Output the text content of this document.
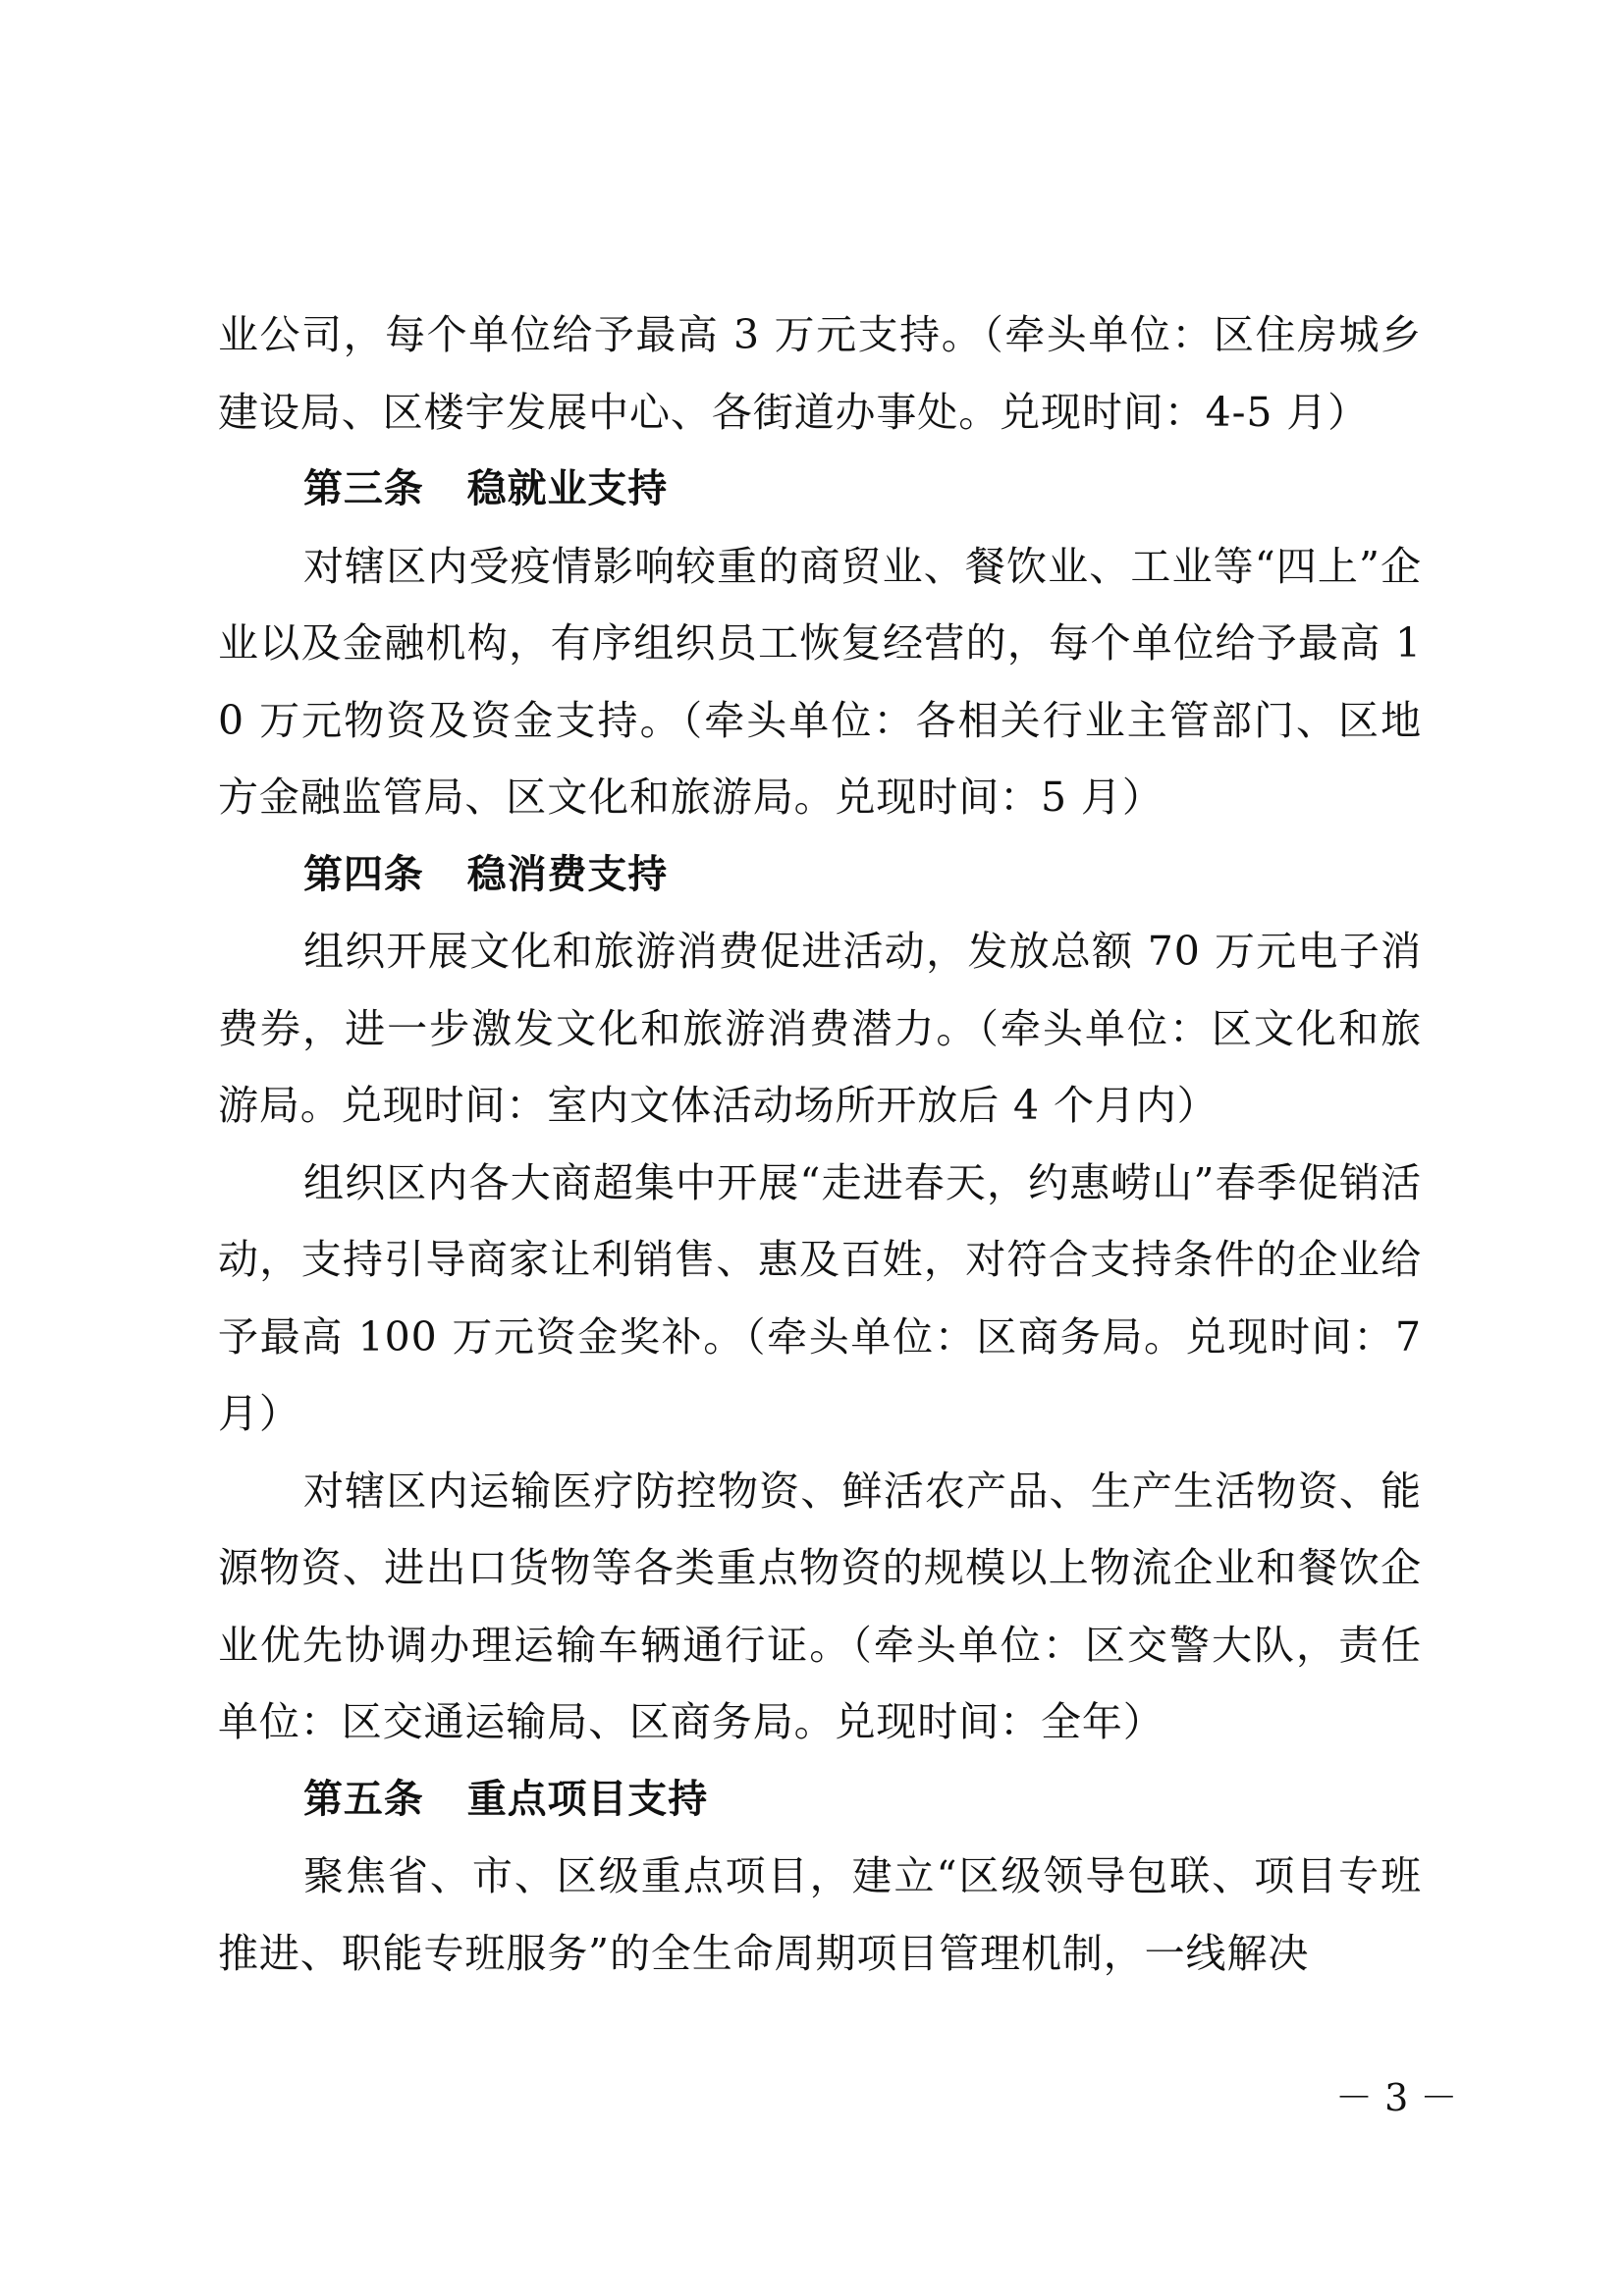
业公司，每个单位给予最高 3 万元支持。（牵头单位：区住房城乡建设局、区楼宇发展中心、各街道办事处。兑现时间：4-5 月）

第三条 稳就业支持

对辖区内受疫情影响较重的商贸业、餐饮业、工业等“四上”企业以及金融机构，有序组织员工恢复经营的，每个单位给予最高 10 万元物资及资金支持。（牵头单位：各相关行业主管部门、区地方金融监管局、区文化和旅游局。兑现时间：5 月）

第四条 稳消费支持

组织开展文化和旅游消费促进活动，发放总额 70 万元电子消费券，进一步激发文化和旅游消费潜力。（牵头单位：区文化和旅游局。兑现时间：室内文体活动场所开放后 4 个月内）

组织区内各大商超集中开展“走进春天，约惠崂山”春季促销活动，支持引导商家让利销售、惠及百姓，对符合支持条件的企业给予最高 100 万元资金奖补。（牵头单位：区商务局。兑现时间：7 月）

对辖区内运输医疗防控物资、鲜活农产品、生产生活物资、能源物资、进出口货物等各类重点物资的规模以上物流企业和餐饮企业优先协调办理运输车辆通行证。（牵头单位：区交警大队，责任单位：区交通运输局、区商务局。兑现时间：全年）

第五条 重点项目支持

聚焦省、市、区级重点项目，建立“区级领导包联、项目专班推进、职能专班服务”的全生命周期项目管理机制，一线解决

－ 3 －
